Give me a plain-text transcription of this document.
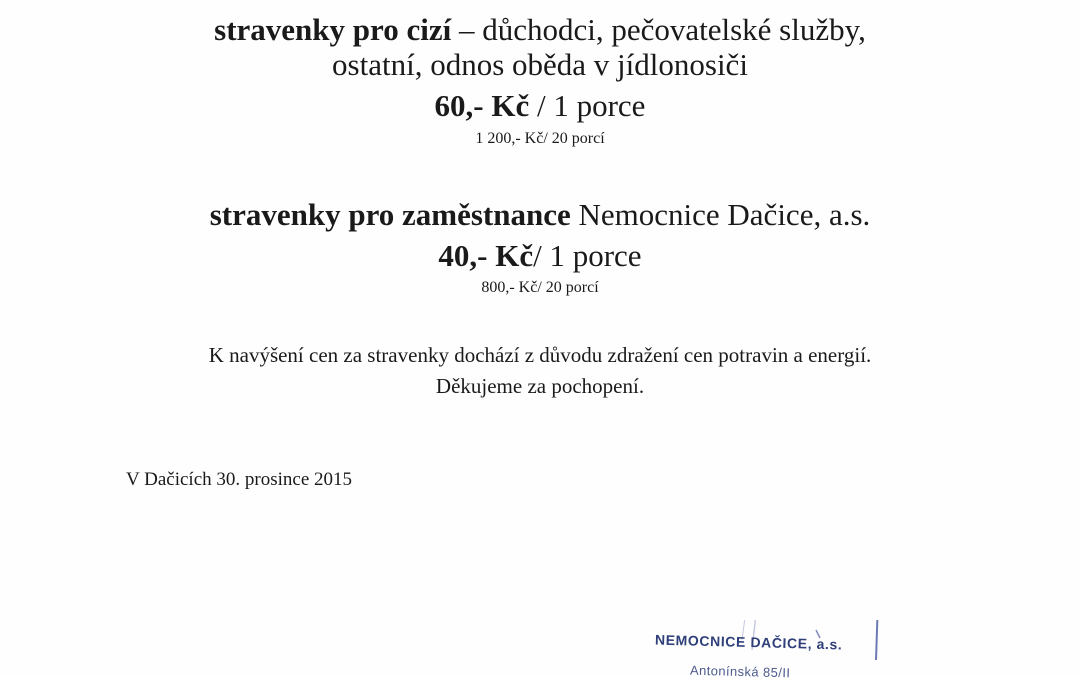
stravenky pro cizí – důchodci, pečovatelské služby,
ostatní, odnos oběda v jídlonosiči
60,- Kč / 1 porce
1 200,- Kč/ 20 porcí
stravenky pro zaměstnance Nemocnice Dačice, a.s.
40,- Kč/ 1 porce
800,- Kč/ 20 porcí
K navýšení cen za stravenky dochází z důvodu zdražení cen potravin a energií.
Děkujeme za pochopení.
V Dačicích 30. prosince 2015
NEMOCNICE DAČICE, a.s.
Antonínská 85/II
